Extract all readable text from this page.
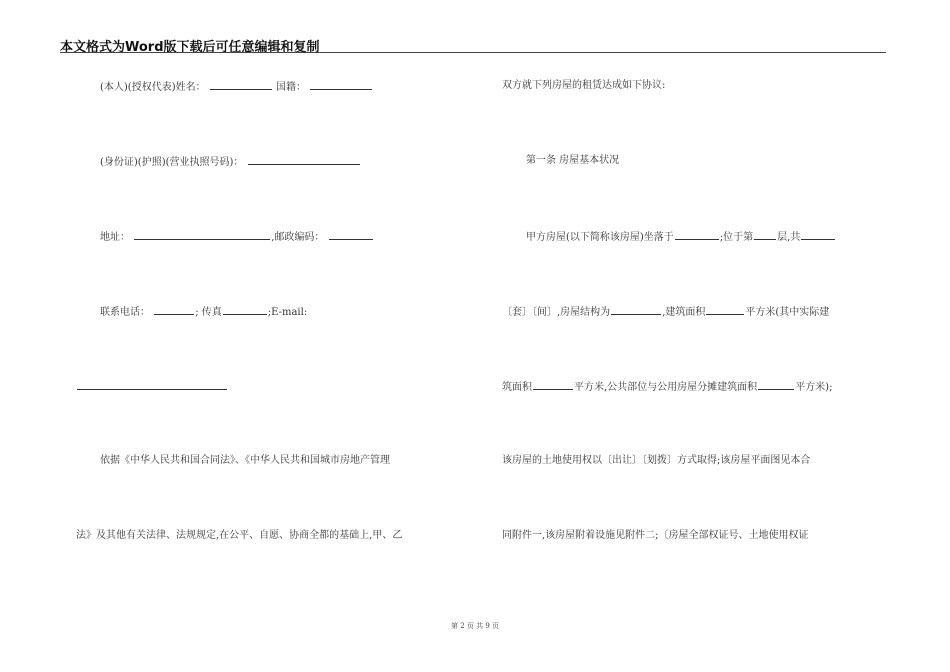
本文格式为Word版下载后可任意编辑和复制
(本人)(授权代表)姓名：	国籍：
(身份证)(护照)(营业执照号码)：
地址：	,邮政编码：
联系电话：	; 传真	;E-mail:
依据《中华人民共和国合同法》、《中华人民共和国城市房地产管理
法》及其他有关法律、法规规定,在公平、自愿、协商全都的基础上,甲、乙
双方就下列房屋的租赁达成如下协议:
第一条 房屋基本状况
甲方房屋(以下简称该房屋)坐落于	;位于第 层,共
〔套〕〔间〕,房屋结构为	,建筑面积	平方米(其中实际建
筑面积	平方米,公共部位与公用房屋分摊建筑面积	平方米);
该房屋的土地使用权以〔出让〕〔划拨〕方式取得;该房屋平面图见本合
同附件一,该房屋附着设施见附件二;〔房屋全部权证号、土地使用权证
第 2 页 共 9 页
